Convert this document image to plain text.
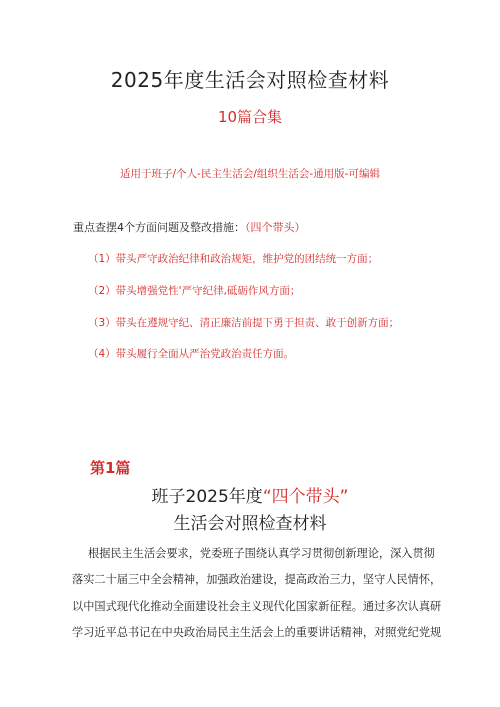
2025年度生活会对照检查材料
10篇合集
适用于班子/个人-民主生活会/组织生活会-通用版-可编辑
重点查摆4个方面问题及整改措施：（四个带头）
（1）带头严守政治纪律和政治规矩，维护党的团结统一方面；
（2）带头增强党性'严守纪律,砥砺作风方面；
（3）带头在遵规守纪、清正廉洁前提下勇于担责、敢于创新方面；
（4）带头履行全面从严治党政治责任方面。
第1篇
班子2025年度“四个带头”
生活会对照检查材料
根据民主生活会要求，党委班子围绕认真学习贯彻创新理论，深入贯彻
落实二十届三中全会精神，加强政治建设，提高政治三力，坚守人民情怀，
以中国式现代化推动全面建设社会主义现代化国家新征程。通过多次认真研
学习近平总书记在中央政治局民主生活会上的重要讲话精神，对照党纪党规
